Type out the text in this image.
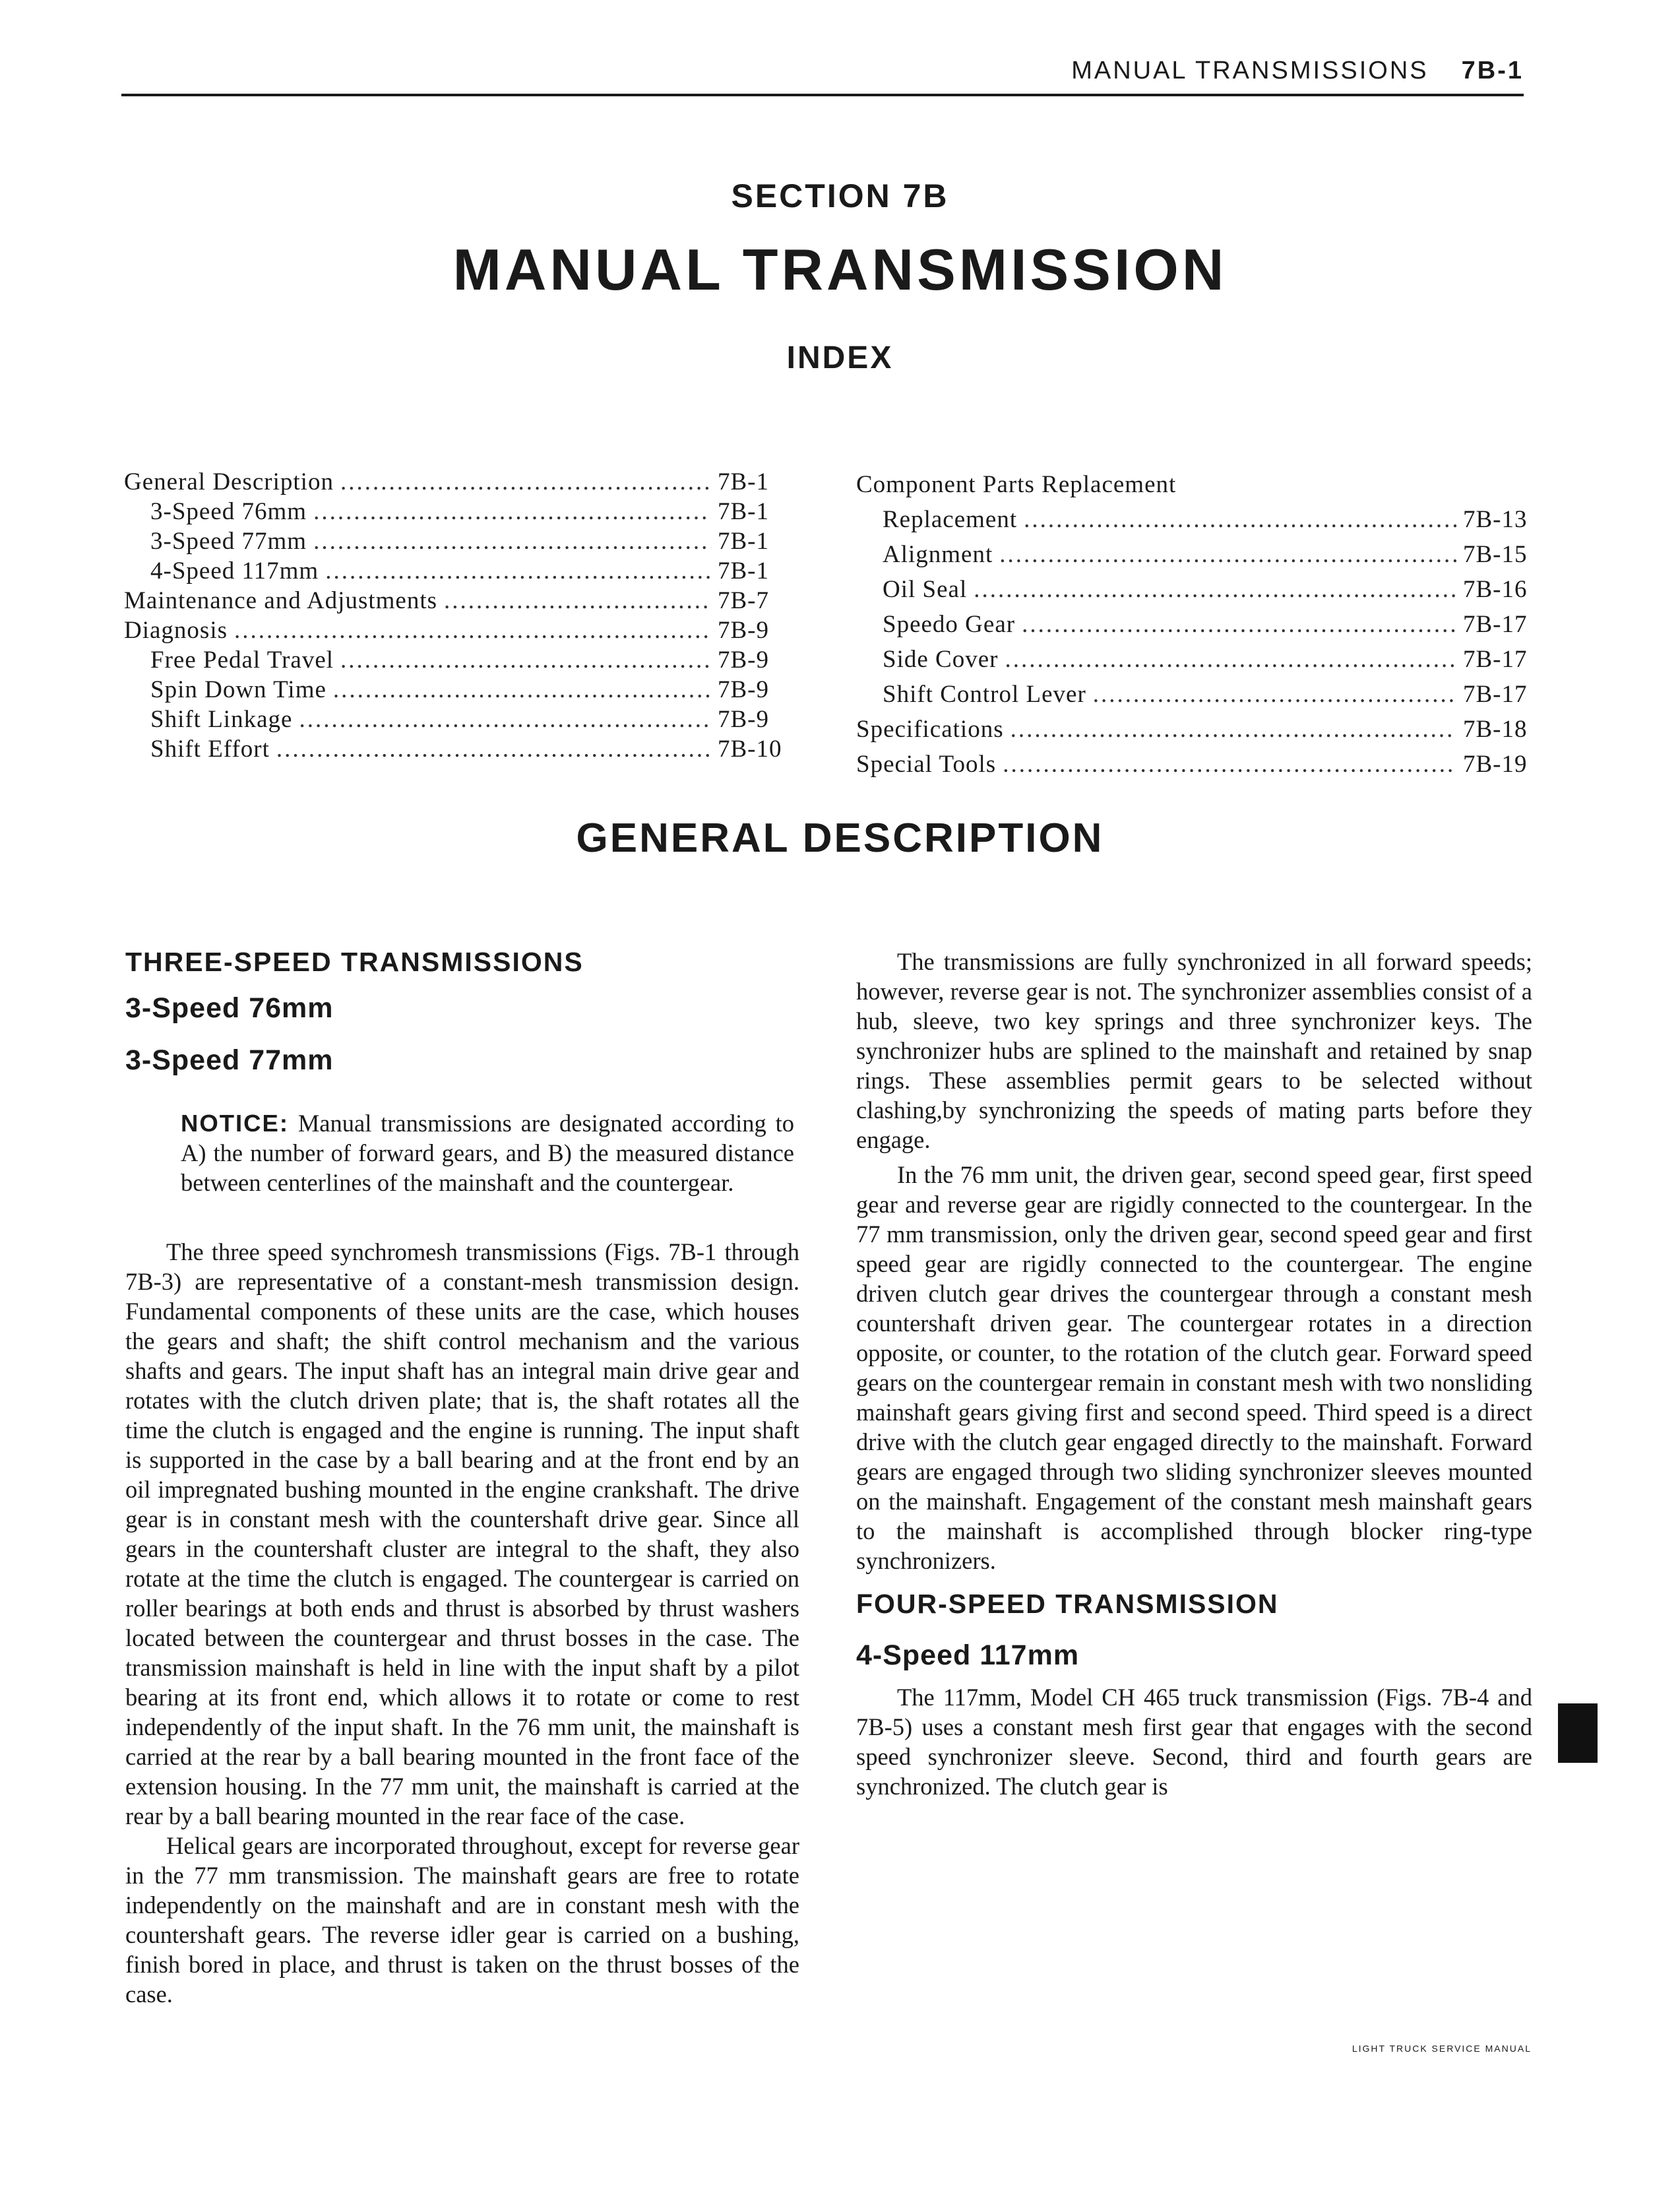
MANUAL TRANSMISSIONS 7B-1
SECTION 7B
MANUAL TRANSMISSION
INDEX
General Description .....	7B-1
3-Speed 76mm .....	7B-1
3-Speed 77mm .....	7B-1
4-Speed 117mm .....	7B-1
Maintenance and Adjustments .....	7B-7
Diagnosis .....	7B-9
Free Pedal Travel .....	7B-9
Spin Down Time .....	7B-9
Shift Linkage .....	7B-9
Shift Effort .....	7B-10
Component Parts Replacement
Replacement .....	7B-13
Alignment .....	7B-15
Oil Seal .....	7B-16
Speedo Gear .....	7B-17
Side Cover .....	7B-17
Shift Control Lever .....	7B-17
Specifications .....	7B-18
Special Tools .....	7B-19
GENERAL DESCRIPTION
THREE-SPEED TRANSMISSIONS
3-Speed 76mm
3-Speed 77mm

NOTICE: Manual transmissions are designated according to A) the number of forward gears, and B) the measured distance between centerlines of the mainshaft and the countergear.

The three speed synchromesh transmissions (Figs. 7B-1 through 7B-3) are representative of a constant-mesh transmission design. Fundamental components of these units are the case, which houses the gears and shaft; the shift control mechanism and the various shafts and gears. The input shaft has an integral main drive gear and rotates with the clutch driven plate; that is, the shaft rotates all the time the clutch is engaged and the engine is running. The input shaft is supported in the case by a ball bearing and at the front end by an oil impregnated bushing mounted in the engine crankshaft. The drive gear is in constant mesh with the countershaft drive gear. Since all gears in the countershaft cluster are integral to the shaft, they also rotate at the time the clutch is engaged. The countergear is carried on roller bearings at both ends and thrust is absorbed by thrust washers located between the countergear and thrust bosses in the case. The transmission mainshaft is held in line with the input shaft by a pilot bearing at its front end, which allows it to rotate or come to rest independently of the input shaft. In the 76 mm unit, the mainshaft is carried at the rear by a ball bearing mounted in the front face of the extension housing. In the 77 mm unit, the mainshaft is carried at the rear by a ball bearing mounted in the rear face of the case.

Helical gears are incorporated throughout, except for reverse gear in the 77 mm transmission. The mainshaft gears are free to rotate independently on the mainshaft and are in constant mesh with the countershaft gears. The reverse idler gear is carried on a bushing, finish bored in place, and thrust is taken on the thrust bosses of the case.

The transmissions are fully synchronized in all forward speeds; however, reverse gear is not. The synchronizer assemblies consist of a hub, sleeve, two key springs and three synchronizer keys. The synchronizer hubs are splined to the mainshaft and retained by snap rings. These assemblies permit gears to be selected without clashing,by synchronizing the speeds of mating parts before they engage.

In the 76 mm unit, the driven gear, second speed gear, first speed gear and reverse gear are rigidly connected to the countergear. In the 77 mm transmission, only the driven gear, second speed gear and first speed gear are rigidly connected to the countergear. The engine driven clutch gear drives the countergear through a constant mesh countershaft driven gear. The countergear rotates in a direction opposite, or counter, to the rotation of the clutch gear. Forward speed gears on the countergear remain in constant mesh with two nonsliding mainshaft gears giving first and second speed. Third speed is a direct drive with the clutch gear engaged directly to the mainshaft. Forward gears are engaged through two sliding synchronizer sleeves mounted on the mainshaft. Engagement of the constant mesh mainshaft gears to the mainshaft is accomplished through blocker ring-type synchronizers.

FOUR-SPEED TRANSMISSION
4-Speed 117mm

The 117mm, Model CH 465 truck transmission (Figs. 7B-4 and 7B-5) uses a constant mesh first gear that engages with the second speed synchronizer sleeve. Second, third and fourth gears are synchronized. The clutch gear is

LIGHT TRUCK SERVICE MANUAL
